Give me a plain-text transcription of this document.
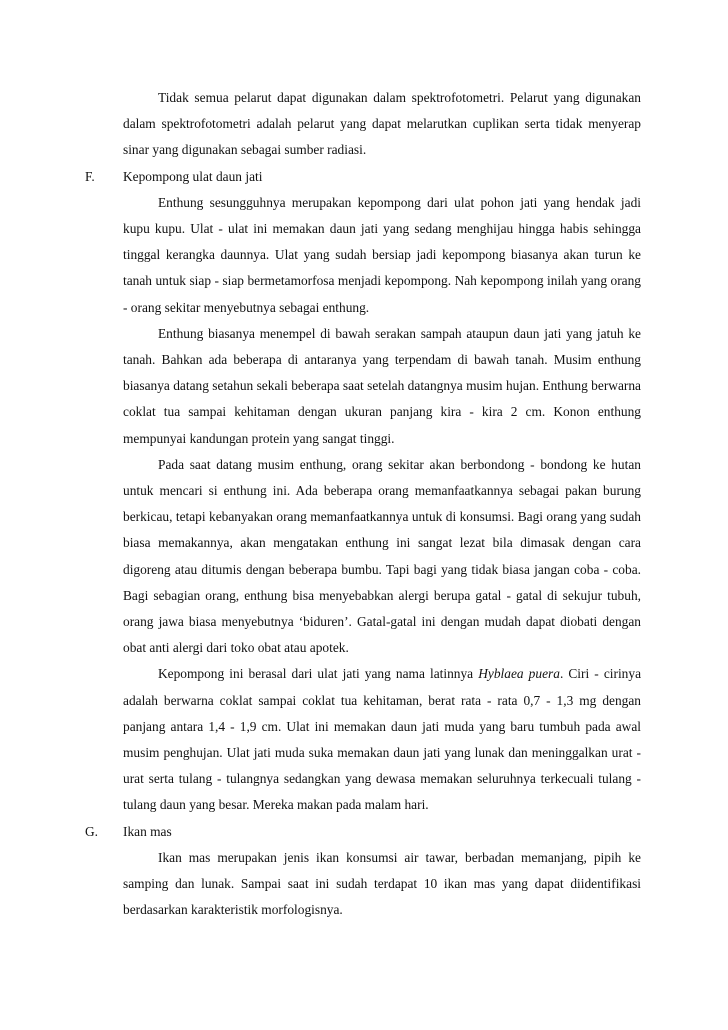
Tidak semua pelarut dapat digunakan dalam spektrofotometri. Pelarut yang digunakan dalam spektrofotometri adalah pelarut yang dapat melarutkan cuplikan serta tidak menyerap sinar yang digunakan sebagai sumber radiasi.

F. Kepompong ulat daun jati

Enthung sesungguhnya merupakan kepompong dari ulat pohon jati yang hendak jadi kupu kupu. Ulat - ulat ini memakan daun jati yang sedang menghijau hingga habis sehingga tinggal kerangka daunnya. Ulat yang sudah bersiap jadi kepompong biasanya akan turun ke tanah untuk siap - siap bermetamorfosa menjadi kepompong. Nah kepompong inilah yang orang - orang sekitar menyebutnya sebagai enthung.

Enthung biasanya menempel di bawah serakan sampah ataupun daun jati yang jatuh ke tanah. Bahkan ada beberapa di antaranya yang terpendam di bawah tanah. Musim enthung biasanya datang setahun sekali beberapa saat setelah datangnya musim hujan. Enthung berwarna coklat tua sampai kehitaman dengan ukuran panjang kira - kira 2 cm. Konon enthung mempunyai kandungan protein yang sangat tinggi.

Pada saat datang musim enthung, orang sekitar akan berbondong - bondong ke hutan untuk mencari si enthung ini. Ada beberapa orang memanfaatkannya sebagai pakan burung berkicau, tetapi kebanyakan orang memanfaatkannya untuk di konsumsi. Bagi orang yang sudah biasa memakannya, akan mengatakan enthung ini sangat lezat bila dimasak dengan cara digoreng atau ditumis dengan beberapa bumbu. Tapi bagi yang tidak biasa jangan coba - coba. Bagi sebagian orang, enthung bisa menyebabkan alergi berupa gatal - gatal di sekujur tubuh, orang jawa biasa menyebutnya ‘biduren’. Gatal-gatal ini dengan mudah dapat diobati dengan obat anti alergi dari toko obat atau apotek.

Kepompong ini berasal dari ulat jati yang nama latinnya Hyblaea puera. Ciri - cirinya adalah berwarna coklat sampai coklat tua kehitaman, berat rata - rata 0,7 - 1,3 mg dengan panjang antara 1,4 - 1,9 cm. Ulat ini memakan daun jati muda yang baru tumbuh pada awal musim penghujan. Ulat jati muda suka memakan daun jati yang lunak dan meninggalkan urat - urat serta tulang - tulangnya sedangkan yang dewasa memakan seluruhnya terkecuali tulang - tulang daun yang besar. Mereka makan pada malam hari.

G. Ikan mas

Ikan mas merupakan jenis ikan konsumsi air tawar, berbadan memanjang, pipih ke samping dan lunak. Sampai saat ini sudah terdapat 10 ikan mas yang dapat diidentifikasi berdasarkan karakteristik morfologisnya.
